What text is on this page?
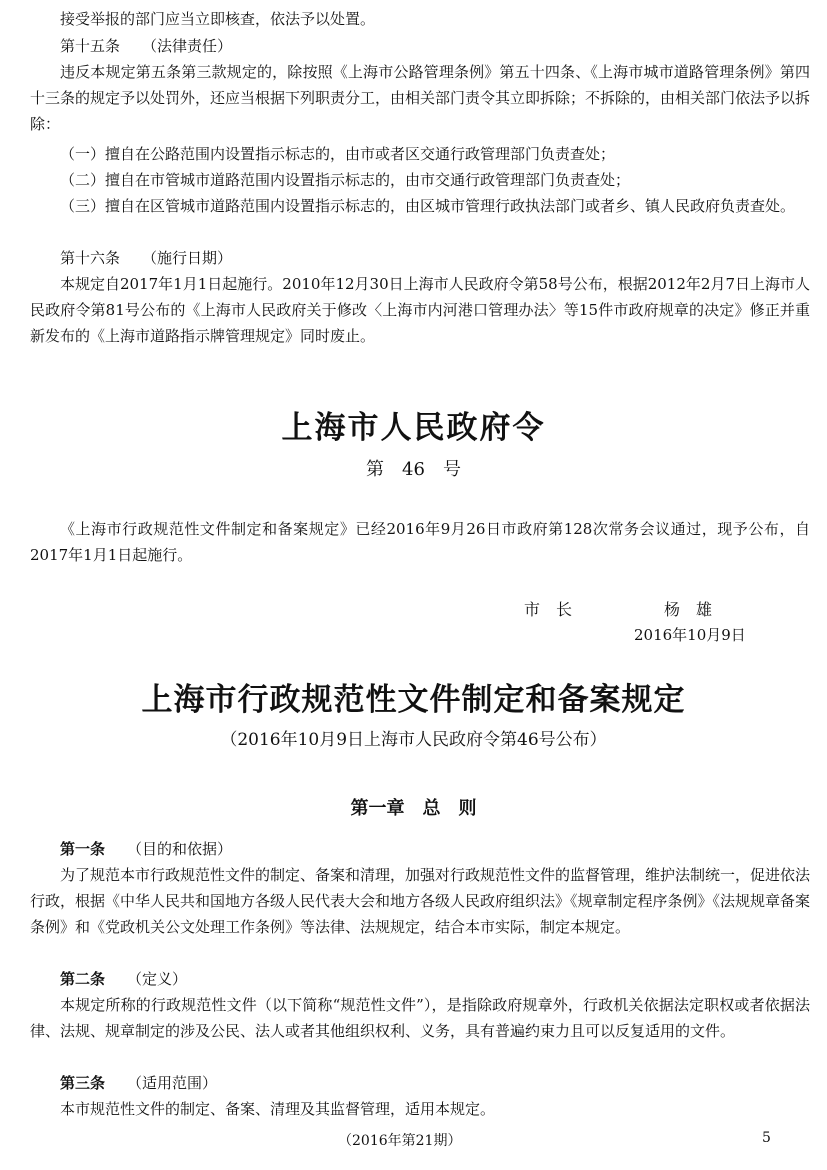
接受举报的部门应当立即核查，依法予以处置。

第十五条 （法律责任）

违反本规定第五条第三款规定的，除按照《上海市公路管理条例》第五十四条、《上海市城市道路管理条例》第四十三条的规定予以处罚外，还应当根据下列职责分工，由相关部门责令其立即拆除；不拆除的，由相关部门依法予以拆除：

（一）擅自在公路范围内设置指示标志的，由市或者区交通行政管理部门负责查处；

（二）擅自在市管城市道路范围内设置指示标志的，由市交通行政管理部门负责查处；

（三）擅自在区管城市道路范围内设置指示标志的，由区城市管理行政执法部门或者乡、镇人民政府负责查处。

第十六条 （施行日期）

本规定自2017年1月1日起施行。2010年12月30日上海市人民政府令第58号公布，根据2012年2月7日上海市人民政府令第81号公布的《上海市人民政府关于修改〈上海市内河港口管理办法〉等15件市政府规章的决定》修正并重新发布的《上海市道路指示牌管理规定》同时废止。

上海市人民政府令

第　46　号

《上海市行政规范性文件制定和备案规定》已经2016年9月26日市政府第128次常务会议通过，现予公布，自2017年1月1日起施行。

市　长	杨　雄

2016年10月9日

上海市行政规范性文件制定和备案规定

（2016年10月9日上海市人民政府令第46号公布）

第一章　总　则

第一条 （目的和依据）

为了规范本市行政规范性文件的制定、备案和清理，加强对行政规范性文件的监督管理，维护法制统一，促进依法行政，根据《中华人民共和国地方各级人民代表大会和地方各级人民政府组织法》《规章制定程序条例》《法规规章备案条例》和《党政机关公文处理工作条例》等法律、法规规定，结合本市实际，制定本规定。

第二条 （定义）

本规定所称的行政规范性文件（以下简称“规范性文件”），是指除政府规章外，行政机关依据法定职权或者依据法律、法规、规章制定的涉及公民、法人或者其他组织权利、义务，具有普遍约束力且可以反复适用的文件。

第三条 （适用范围）

本市规范性文件的制定、备案、清理及其监督管理，适用本规定。

（2016年第21期）	5
